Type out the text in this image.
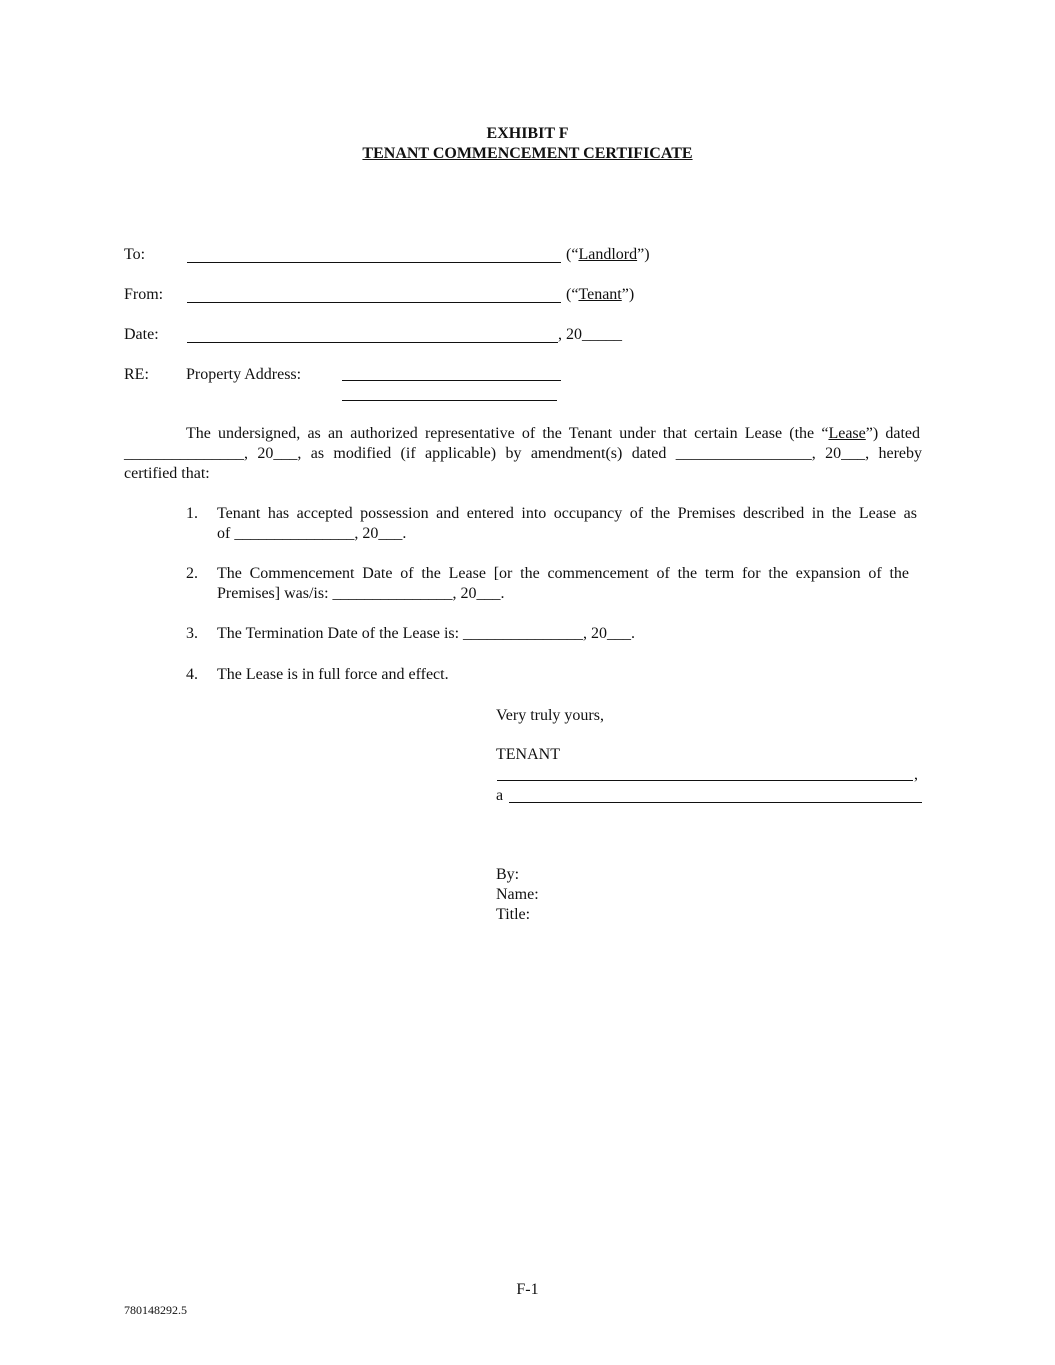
EXHIBIT F
TENANT COMMENCEMENT CERTIFICATE
To:	(“Landlord”)
From:	(“Tenant”)
Date:	, 20_____
RE: Property Address:
The undersigned, as an authorized representative of the Tenant under that certain Lease (the “Lease”) dated
_______________, 20___, as modified (if applicable) by amendment(s) dated _________________, 20___, hereby
certified that:
1. Tenant has accepted possession and entered into occupancy of the Premises described in the Lease as
of _______________, 20___.
2. The Commencement Date of the Lease [or the commencement of the term for the expansion of the
Premises] was/is: _______________, 20___.
3. The Termination Date of the Lease is: _______________, 20___.
4. The Lease is in full force and effect.
Very truly yours,
TENANT
,
a
By:
Name:
Title:
F-1
780148292.5
